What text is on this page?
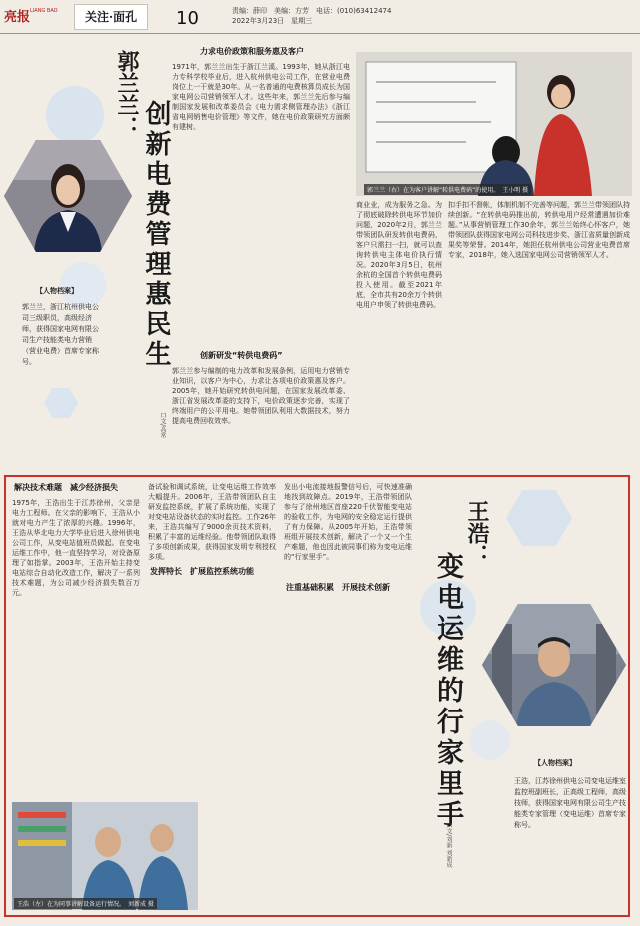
亮报 LIANG BAO	关注·面孔	10	责编：薛印　美编：方芳　电话：(010)63412474
2022年3月23日　星期三
郭兰兰：
创新电费管理惠民生
【人物档案】
郭兰兰，浙江杭州供电公司三级职员，高级经济师，获得国家电网有限公司生产技能类电力营销（营业电费）首席专家称号。
口文/高常
力求电价政策和服务惠及客户
1971年，郭兰兰出生于浙江兰溪。1993年，她从浙江电力专科学校毕业后，进入杭州供电公司工作，在营业电费岗位上一干就是30年。从一名普通的电费核算员成长为国家电网公司营销领军人才。这些年来，郭兰兰先后参与编制国家发展和改革委员会《电力需求侧管理办法》《浙江省电网销售电价管理》等文件，她在电价政策研究方面颇有建树。
创新研发“转供电费码”
郭兰兰参与编制的电力改革和发展条例，运用电力营销专业知识，以客户为中心，力求让各项电价政策惠及客户。2005年，她开始研究转供电问题，在国家发展改革委、浙江省发展改革委的支持下，电价政策逐步完善，实现了终端用户的公平用电。她带领团队利用大数据技术，努力提高电费回收效率。
郭兰兰（右）在为客户讲解“转供电费码”的使用。　王小明 摄
商业业，成为服务之急。为了彻底破除转供电环节加价问题，2020年2月，郭兰兰带领团队研发转供电费码，客户只需扫一扫，就可以查询转供电主体电价执行情况。2020年3月5日，杭州余杭的全国首个转供电费码投入使用。截至2021年底，全市共有20余万个转供电用户申领了转供电费码。
扣手扣不督帐，体制机制不完善等问题，郭兰兰带领团队持续创新。“在转供电码推出前，转供电用户经常遭遇加价难题。”从事营销管理工作30余年，郭兰兰始终心怀客户，她带领团队获得国家电网公司科技进步奖、浙江省质量创新成果奖等荣誉。2014年，她担任杭州供电公司营业电费首席专家，2018年，她入选国家电网公司营销领军人才。
解决技术难题　减少经济损失
1975年，王浩出生于江苏徐州，父亲是电力工程师。在父亲的影响下，王浩从小就对电力产生了浓厚的兴趣。1996年，王浩从华北电力大学毕业后进入徐州供电公司工作，从变电站值班员做起。在变电运维工作中，他一直坚持学习，对设备原理了如指掌。2003年，王浩开始主持变电站综合自动化改造工作，解决了一系列技术难题，为公司减少经济损失数百万元。
发挥特长　扩展监控系统功能
备试验和调试系统，让变电运维工作效率大幅提升。2006年，王浩带领团队自主研发监控系统，扩展了系统功能，实现了对变电站设备状态的实时监控。工作26年来，王浩共编写了9000余页技术资料，积累了丰富的运维经验。他带领团队取得了多项创新成果，获得国家发明专利授权多项。
注重基础积累　开展技术创新
发出小电流接地报警信号后，可快速准确地找到故障点。2019年，王浩带领团队参与了徐州地区首座220千伏智能变电站的验收工作，为电网的安全稳定运行提供了有力保障。从2005年开始，王浩带领班组开展技术创新，解决了一个又一个生产难题，他也因此被同事们称为变电运维的“行家里手”。	王浩：
变电运维的行家里手	【人物档案】
王浩，江苏徐州供电公司变电运维室监控班副班长，正高级工程师，高级技师，获得国家电网有限公司生产技能类专家管理（变电运维）首席专家称号。
口文/刘新 刘新成
王浩（左）在为同事讲解设备运行情况。　刘新成 摄
